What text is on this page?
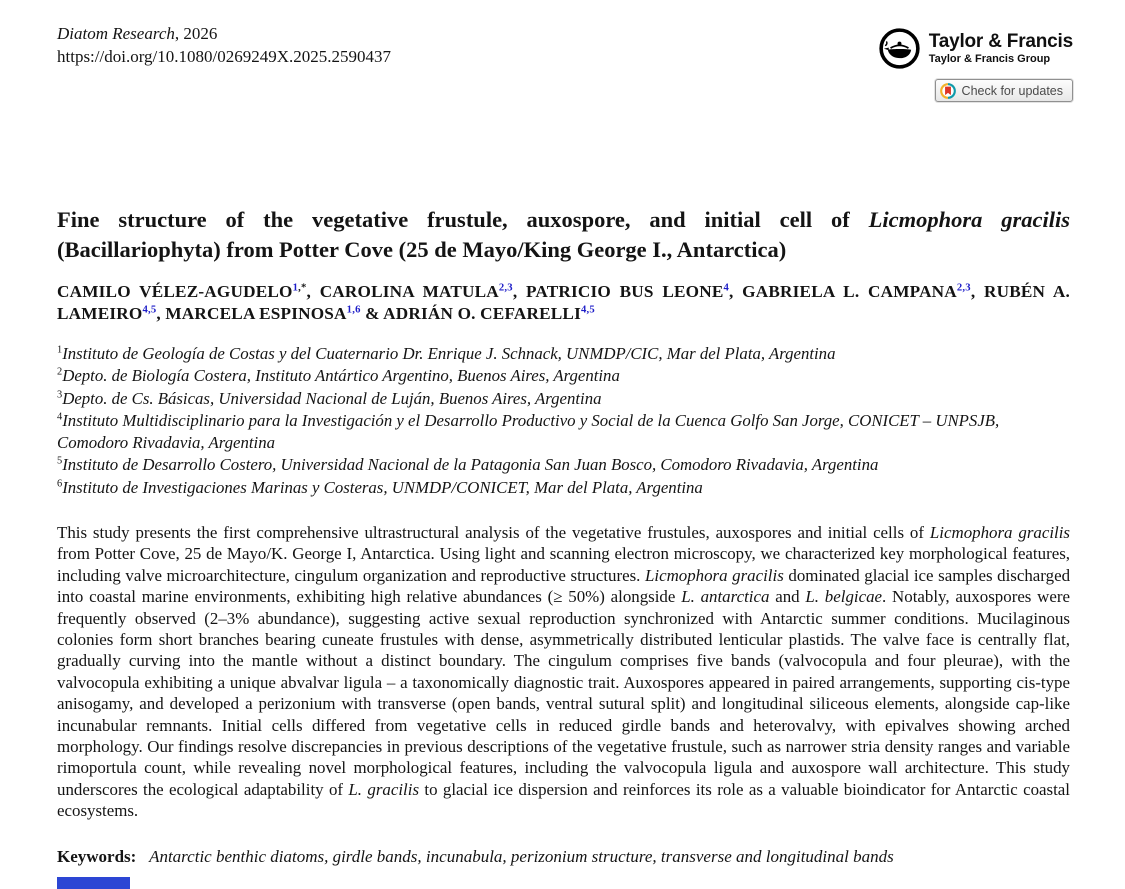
Diatom Research, 2026
https://doi.org/10.1080/0269249X.2025.2590437
Taylor & Francis
Taylor & Francis Group
Check for updates
Fine structure of the vegetative frustule, auxospore, and initial cell of Licmophora gracilis (Bacillariophyta) from Potter Cove (25 de Mayo/King George I., Antarctica)
CAMILO VÉLEZ-$AGUDELO^{1,*}$, CAROLINA MATULA$^{2,3}$, PATRICIO BUS LEONE$^4$, GABRIELA L. CAMPANA$^{2,3}$, RUBÉN A. LAMEIRO$^{4,5}$, MARCELA ESPINOSA$^{1,6}$ & ADRIÁN O. CEFARELLI$^{4,5}$
$^1$Instituto de Geología de Costas y del Cuaternario Dr. Enrique J. Schnack, UNMDP/CIC, Mar del Plata, Argentina
$^2$Depto. de Biología Costera, Instituto Antártico Argentino, Buenos Aires, Argentina
$^3$Depto. de Cs. Básicas, Universidad Nacional de Luján, Buenos Aires, Argentina
$^4$Instituto Multidisciplinario para la Investigación y el Desarrollo Productivo y Social de la Cuenca Golfo San Jorge, CONICET – UNPSJB, Comodoro Rivadavia, Argentina
$^5$Instituto de Desarrollo Costero, Universidad Nacional de la Patagonia San Juan Bosco, Comodoro Rivadavia, Argentina
$^6$Instituto de Investigaciones Marinas y Costeras, UNMDP/CONICET, Mar del Plata, Argentina

This study presents the first comprehensive ultrastructural analysis of the vegetative frustules, auxospores and initial cells of Licmophora gracilis from Potter Cove, 25 de Mayo/K. George I, Antarctica. Using light and scanning electron microscopy, we characterized key morphological features, including valve microarchitecture, cingulum organization and reproductive structures. Licmophora gracilis dominated glacial ice samples discharged into coastal marine environments, exhibiting high relative abundances (≥ 50%) alongside L. antarctica and L. belgicae. Notably, auxospores were frequently observed (2–3% abundance), suggesting active sexual reproduction synchronized with Antarctic summer conditions. Mucilaginous colonies form short branches bearing cuneate frustules with dense, asymmetrically distributed lenticular plastids. The valve face is centrally flat, gradually curving into the mantle without a distinct boundary. The cingulum comprises five bands (valvocopula and four pleurae), with the valvocopula exhibiting a unique abvalvar ligula – a taxonomically diagnostic trait. Auxospores appeared in paired arrangements, supporting cis-type anisogamy, and developed a perizonium with transverse (open bands, ventral sutural split) and longitudinal siliceous elements, alongside cap-like incunabular remnants. Initial cells differed from vegetative cells in reduced girdle bands and heterovalvy, with epivalves showing arched morphology. Our findings resolve discrepancies in previous descriptions of the vegetative frustule, such as narrower stria density ranges and variable rimoportula count, while revealing novel morphological features, including the valvocopula ligula and auxospore wall architecture. This study underscores the ecological adaptability of L. gracilis to glacial ice dispersion and reinforces its role as a valuable bioindicator for Antarctic coastal ecosystems.

Keywords: Antarctic benthic diatoms, girdle bands, incunabula, perizonium structure, transverse and longitudinal bands
